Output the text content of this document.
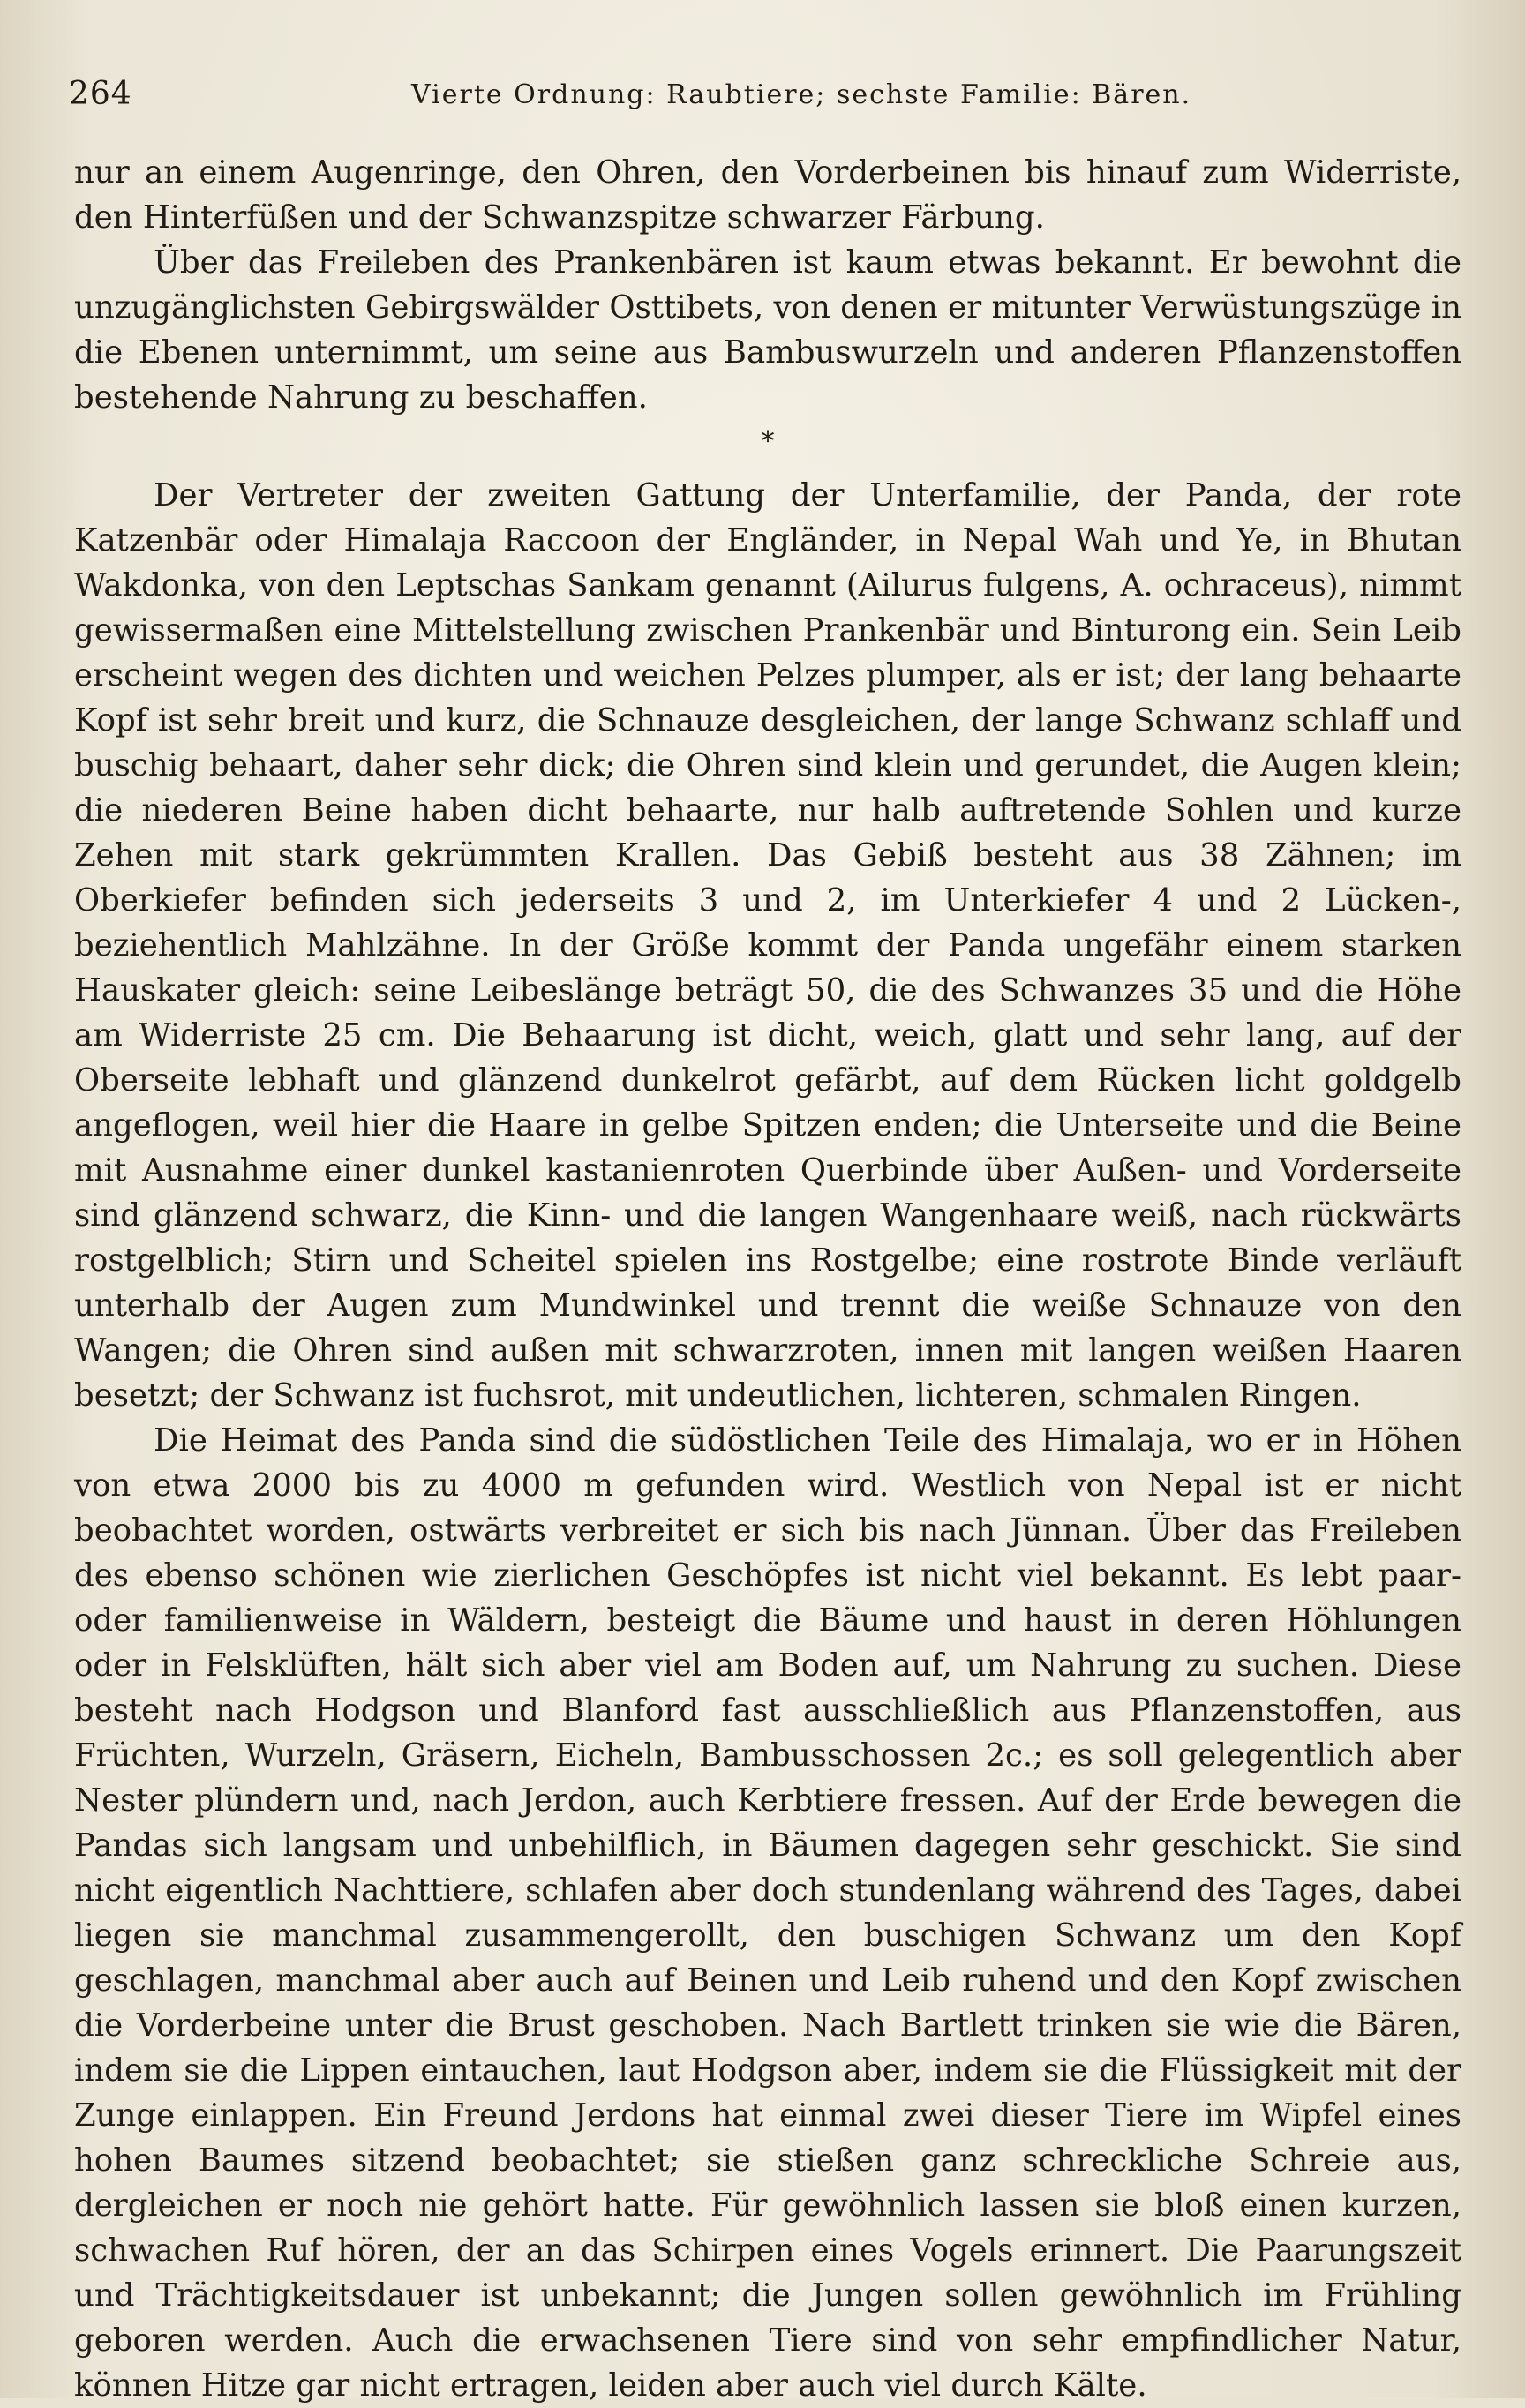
264	Vierte Ordnung: Raubtiere; sechste Familie: Bären.

nur an einem Augenringe, den Ohren, den Vorderbeinen bis hinauf zum Widerriste, den Hinterfüßen und der Schwanzspitze schwarzer Färbung.

Über das Freileben des Prankenbären ist kaum etwas bekannt. Er bewohnt die unzugänglichsten Gebirgswälder Osttibets, von denen er mitunter Verwüstungszüge in die Ebenen unternimmt, um seine aus Bambuswurzeln und anderen Pflanzenstoffen bestehende Nahrung zu beschaffen.

*

Der Vertreter der zweiten Gattung der Unterfamilie, der Panda, der rote Katzenbär oder Himalaja Raccoon der Engländer, in Nepal Wah und Ye, in Bhutan Wakdonka, von den Leptschas Sankam genannt (Ailurus fulgens, A. ochraceus), nimmt gewissermaßen eine Mittelstellung zwischen Prankenbär und Binturong ein. Sein Leib erscheint wegen des dichten und weichen Pelzes plumper, als er ist; der lang behaarte Kopf ist sehr breit und kurz, die Schnauze desgleichen, der lange Schwanz schlaff und buschig behaart, daher sehr dick; die Ohren sind klein und gerundet, die Augen klein; die niederen Beine haben dicht behaarte, nur halb auftretende Sohlen und kurze Zehen mit stark gekrümmten Krallen. Das Gebiß besteht aus 38 Zähnen; im Oberkiefer befinden sich jederseits 3 und 2, im Unterkiefer 4 und 2 Lücken-, beziehentlich Mahlzähne. In der Größe kommt der Panda ungefähr einem starken Hauskater gleich: seine Leibeslänge beträgt 50, die des Schwanzes 35 und die Höhe am Widerriste 25 cm. Die Behaarung ist dicht, weich, glatt und sehr lang, auf der Oberseite lebhaft und glänzend dunkelrot gefärbt, auf dem Rücken licht goldgelb angeflogen, weil hier die Haare in gelbe Spitzen enden; die Unterseite und die Beine mit Ausnahme einer dunkel kastanienroten Querbinde über Außen- und Vorderseite sind glänzend schwarz, die Kinn- und die langen Wangenhaare weiß, nach rückwärts rostgelblich; Stirn und Scheitel spielen ins Rostgelbe; eine rostrote Binde verläuft unterhalb der Augen zum Mundwinkel und trennt die weiße Schnauze von den Wangen; die Ohren sind außen mit schwarzroten, innen mit langen weißen Haaren besetzt; der Schwanz ist fuchsrot, mit undeutlichen, lichteren, schmalen Ringen.

Die Heimat des Panda sind die südöstlichen Teile des Himalaja, wo er in Höhen von etwa 2000 bis zu 4000 m gefunden wird. Westlich von Nepal ist er nicht beobachtet worden, ostwärts verbreitet er sich bis nach Jünnan. Über das Freileben des ebenso schönen wie zierlichen Geschöpfes ist nicht viel bekannt. Es lebt paar- oder familienweise in Wäldern, besteigt die Bäume und haust in deren Höhlungen oder in Felsklüften, hält sich aber viel am Boden auf, um Nahrung zu suchen. Diese besteht nach Hodgson und Blanford fast ausschließlich aus Pflanzenstoffen, aus Früchten, Wurzeln, Gräsern, Eicheln, Bambusschossen 2c.; es soll gelegentlich aber Nester plündern und, nach Jerdon, auch Kerbtiere fressen. Auf der Erde bewegen die Pandas sich langsam und unbehilflich, in Bäumen dagegen sehr geschickt. Sie sind nicht eigentlich Nachttiere, schlafen aber doch stundenlang während des Tages, dabei liegen sie manchmal zusammengerollt, den buschigen Schwanz um den Kopf geschlagen, manchmal aber auch auf Beinen und Leib ruhend und den Kopf zwischen die Vorderbeine unter die Brust geschoben. Nach Bartlett trinken sie wie die Bären, indem sie die Lippen eintauchen, laut Hodgson aber, indem sie die Flüssigkeit mit der Zunge einlappen. Ein Freund Jerdons hat einmal zwei dieser Tiere im Wipfel eines hohen Baumes sitzend beobachtet; sie stießen ganz schreckliche Schreie aus, dergleichen er noch nie gehört hatte. Für gewöhnlich lassen sie bloß einen kurzen, schwachen Ruf hören, der an das Schirpen eines Vogels erinnert. Die Paarungszeit und Trächtigkeitsdauer ist unbekannt; die Jungen sollen gewöhnlich im Frühling geboren werden. Auch die erwachsenen Tiere sind von sehr empfindlicher Natur, können Hitze gar nicht ertragen, leiden aber auch viel durch Kälte.
